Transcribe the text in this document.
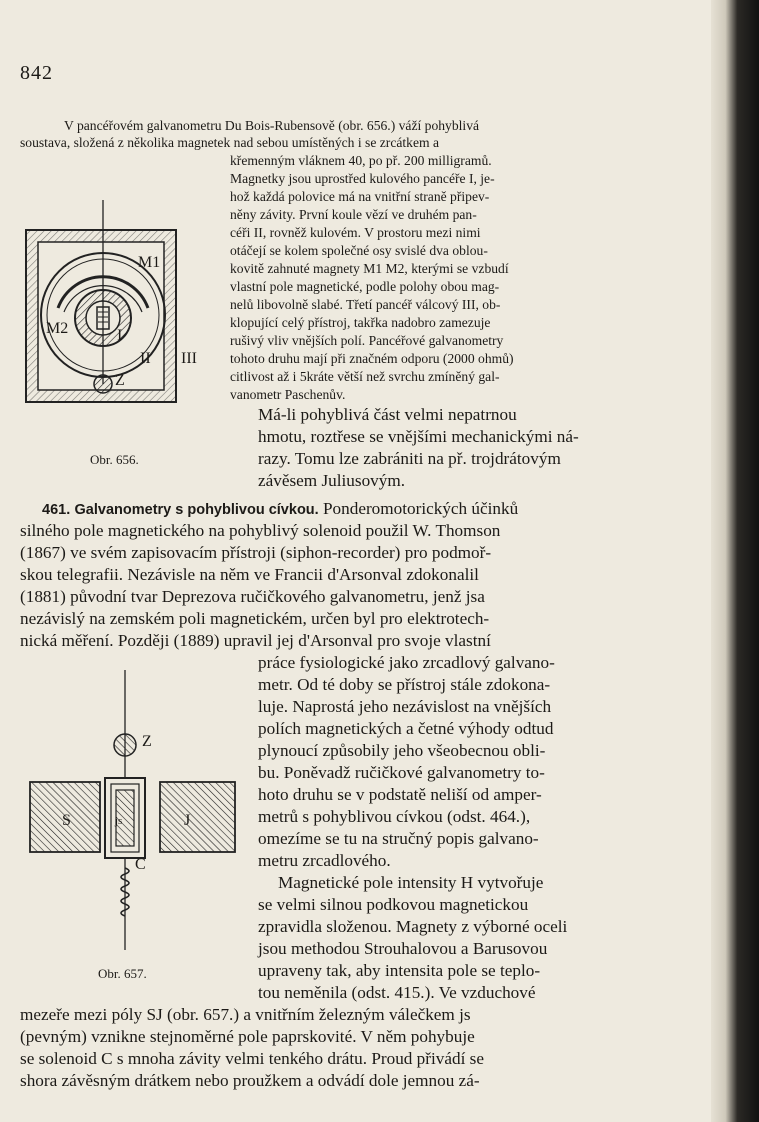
842
V pancéřovém galvanometru Du Bois-Rubensově (obr. 656.) váží pohyblivá
soustava, složená z několika magnetek nad sebou umístěných i se zrcátkem a
křemenným vláknem 40, po př. 200 milligramů.
Magnetky jsou uprostřed kulového pancéře I, je-
hož každá polovice má na vnitřní straně připev-
něny závity. První koule vězí ve druhém pan-
céři II, rovněž kulovém. V prostoru mezi nimi
otáčejí se kolem společné osy svislé dva oblou-
kovitě zahnuté magnety M1 M2, kterými se vzbudí
vlastní pole magnetické, podle polohy obou mag-
nelů libovolně slabé. Třetí pancéř válcový III, ob-
klopující celý přístroj, takřka nadobro zamezuje
rušivý vliv vnějších polí. Pancéřové galvanometry
tohoto druhu mají při značném odporu (2000 ohmů)
citlivost až i 5kráte větší než svrchu zmíněný gal-
vanometr Paschenův.
M1
M2	I
II III
Z
Obr. 656.
Má-li pohyblivá část velmi nepatrnou
hmotu, roztřese se vnějšími mechanickými ná-
razy. Tomu lze zabrániti na př. trojdrátovým
závěsem Juliusovým.
461. Galvanometry s pohyblivou cívkou. Ponderomotorických účinků
silného pole magnetického na pohyblivý solenoid použil W. Thomson
(1867) ve svém zapisovacím přístroji (siphon-recorder) pro podmoř-
skou telegrafii. Nezávisle na něm ve Francii d'Arsonval zdokonalil
(1881) původní tvar Deprezova ručičkového galvanometru, jenž jsa
nezávislý na zemském poli magnetickém, určen byl pro elektrotech-
nická měření. Později (1889) upravil jej d'Arsonval pro svoje vlastní
práce fysiologické jako zrcadlový galvano-
metr. Od té doby se přístroj stále zdokona-
luje. Naprostá jeho nezávislost na vnějších
polích magnetických a četné výhody odtud
plynoucí způsobily jeho všeobecnou obli-
bu. Poněvadž ručičkové galvanometry to-
hoto druhu se v podstatě neliší od amper-
metrů s pohyblivou cívkou (odst. 464.),
omezíme se tu na stručný popis galvano-
metru zrcadlového.
Magnetické pole intensity H vytvořuje
se velmi silnou podkovou magnetickou
zpravidla složenou. Magnety z výborné oceli
jsou methodou Strouhalovou a Barusovou
upraveny tak, aby intensita pole se teplo-
tou neměnila (odst. 415.). Ve vzduchové
mezeře mezi póly SJ (obr. 657.) a vnitřním železným válečkem js
(pevným) vznikne stejnoměrné pole paprskovité. V něm pohybuje
se solenoid C s mnoha závity velmi tenkého drátu. Proud přivádí se
shora závěsným drátkem nebo proužkem a odvádí dole jemnou zá-
Z
S	J
js
C
Obr. 657.
